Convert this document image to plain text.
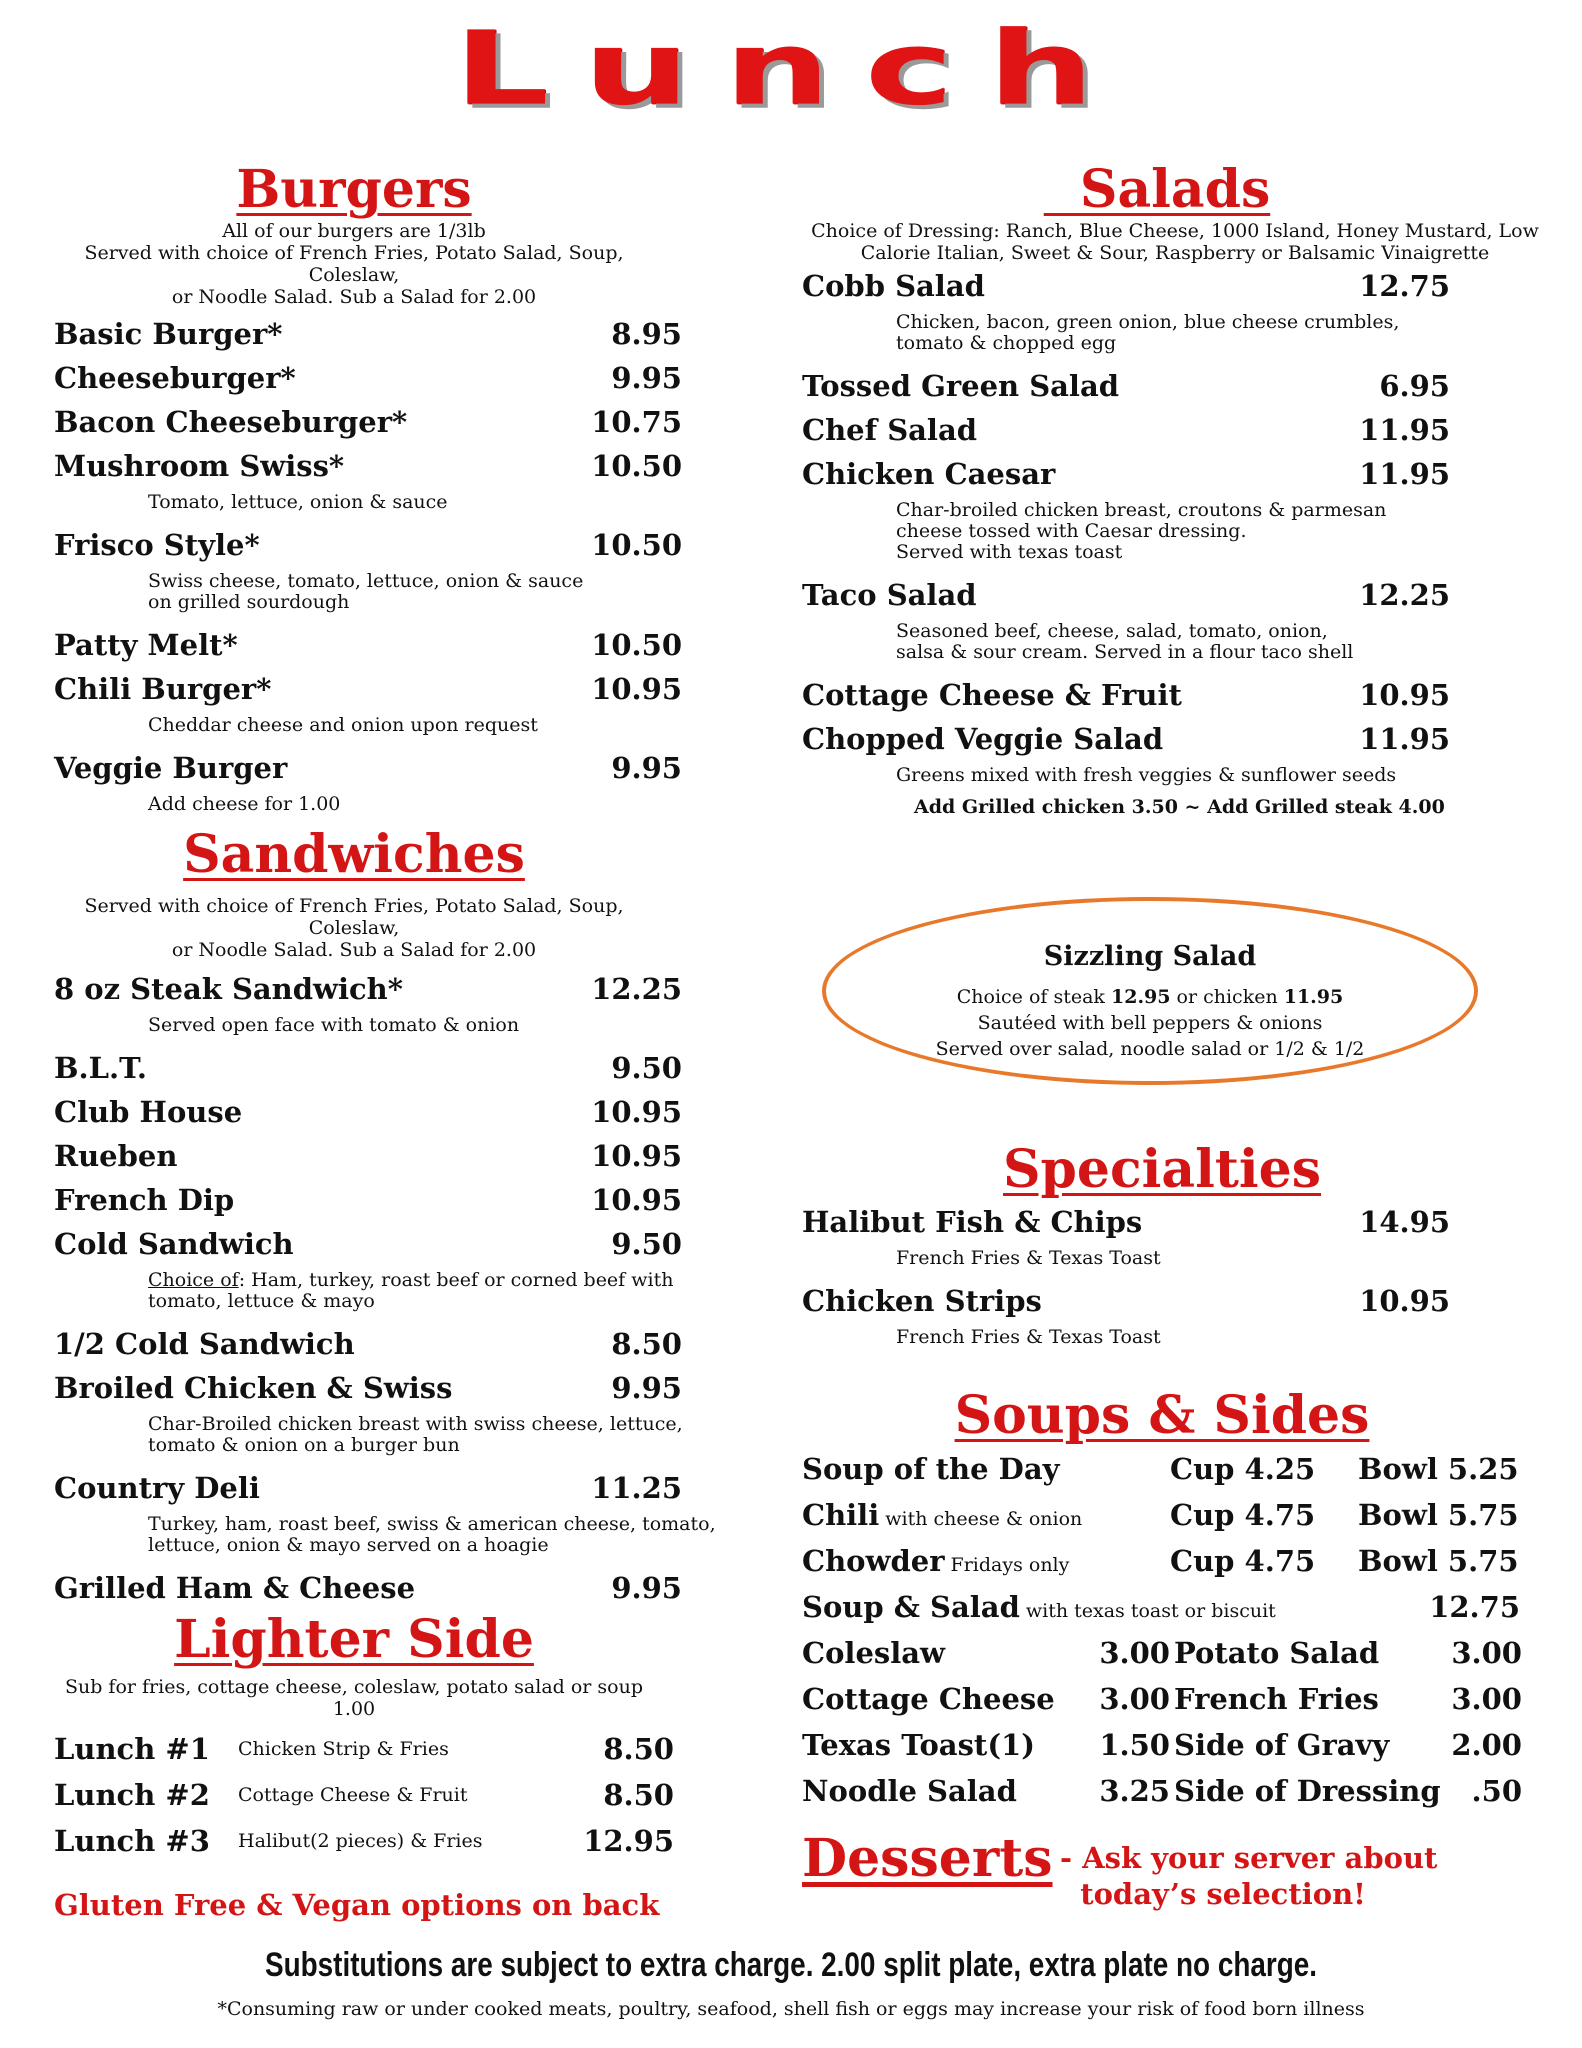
Lunch
Burgers
All of our burgers are 1/3lb
Served with choice of French Fries, Potato Salad, Soup, Coleslaw,
or Noodle Salad. Sub a Salad for 2.00
Basic Burger*	8.95
Cheeseburger*	9.95
Bacon Cheeseburger*	10.75
Mushroom Swiss*	10.50
Tomato, lettuce, onion & sauce
Frisco Style*	10.50
Swiss cheese, tomato, lettuce, onion & sauce
on grilled sourdough
Patty Melt*	10.50
Chili Burger*	10.95
Cheddar cheese and onion upon request
Veggie Burger	9.95
Add cheese for 1.00
Sandwiches
Served with choice of French Fries, Potato Salad, Soup, Coleslaw,
or Noodle Salad. Sub a Salad for 2.00
8 oz Steak Sandwich*	12.25
Served open face with tomato & onion
B.L.T.	9.50
Club House	10.95
Rueben	10.95
French Dip	10.95
Cold Sandwich	9.50
Choice of: Ham, turkey, roast beef or corned beef with
tomato, lettuce & mayo
1/2 Cold Sandwich	8.50
Broiled Chicken & Swiss	9.95
Char-Broiled chicken breast with swiss cheese, lettuce,
tomato & onion on a burger bun
Country Deli	11.25
Turkey, ham, roast beef, swiss & american cheese, tomato,
lettuce, onion & mayo served on a hoagie
Grilled Ham & Cheese	9.95
Lighter Side
Sub for fries, cottage cheese, coleslaw, potato salad or soup 1.00
Lunch #1 Chicken Strip & Fries	8.50
Lunch #2 Cottage Cheese & Fruit	8.50
Lunch #3 Halibut(2 pieces) & Fries	12.95
Gluten Free & Vegan options on back
Salads
Choice of Dressing: Ranch, Blue Cheese, 1000 Island, Honey Mustard, Low
Calorie Italian, Sweet & Sour, Raspberry or Balsamic Vinaigrette
Cobb Salad	12.75
Chicken, bacon, green onion, blue cheese crumbles,
tomato & chopped egg
Tossed Green Salad	6.95
Chef Salad	11.95
Chicken Caesar	11.95
Char-broiled chicken breast, croutons & parmesan
cheese tossed with Caesar dressing.
Served with texas toast
Taco Salad	12.25
Seasoned beef, cheese, salad, tomato, onion,
salsa & sour cream. Served in a flour taco shell
Cottage Cheese & Fruit	10.95
Chopped Veggie Salad	11.95
Greens mixed with fresh veggies & sunflower seeds
Add Grilled chicken 3.50 ~ Add Grilled steak 4.00
Sizzling Salad
Choice of steak 12.95 or chicken 11.95
Sautéed with bell peppers & onions
Served over salad, noodle salad or 1/2 & 1/2
Specialties
Halibut Fish & Chips	14.95
French Fries & Texas Toast
Chicken Strips	10.95
French Fries & Texas Toast
Soups & Sides
Soup of the Day	Cup 4.25 Bowl 5.25
Chili with cheese & onion	Cup 4.75 Bowl 5.75
Chowder Fridays only	Cup 4.75 Bowl 5.75
Soup & Salad with texas toast or biscuit	12.75
Coleslaw	3.00 Potato Salad 3.00
Cottage Cheese 3.00 French Fries 3.00
Texas Toast(1) 1.50 Side of Gravy 2.00
Noodle Salad	3.25 Side of Dressing .50
Desserts - Ask your server about
today’s selection!
Substitutions are subject to extra charge. 2.00 split plate, extra plate no charge.
*Consuming raw or under cooked meats, poultry, seafood, shell fish or eggs may increase your risk of food born illness
